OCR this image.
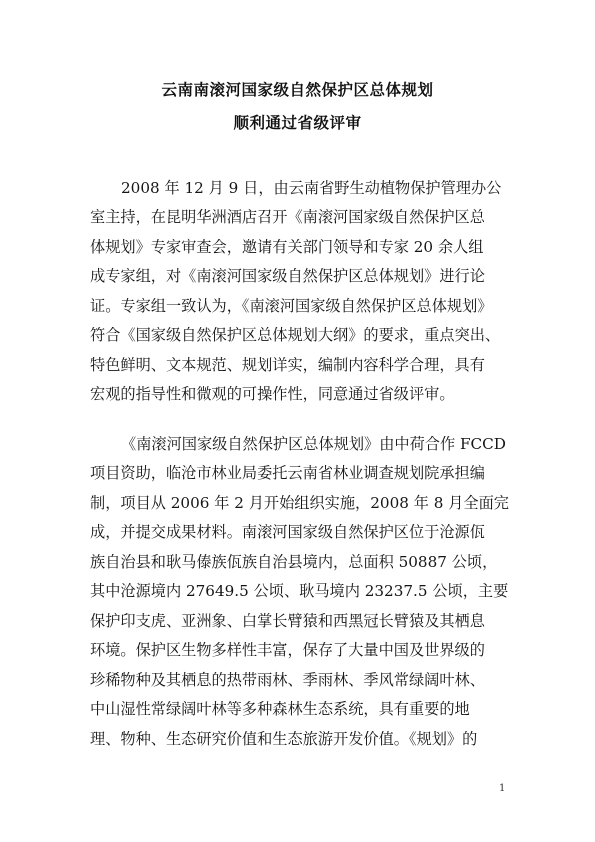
云南南滚河国家级自然保护区总体规划
顺利通过省级评审
2008 年 12 月 9 日，由云南省野生动植物保护管理办公
室主持，在昆明华洲酒店召开《南滚河国家级自然保护区总
体规划》专家审查会，邀请有关部门领导和专家 20 余人组
成专家组，对《南滚河国家级自然保护区总体规划》进行论
证。专家组一致认为，《南滚河国家级自然保护区总体规划》
符合《国家级自然保护区总体规划大纲》的要求，重点突出、
特色鲜明、文本规范、规划详实，编制内容科学合理，具有
宏观的指导性和微观的可操作性，同意通过省级评审。
《南滚河国家级自然保护区总体规划》由中荷合作 FCCD
项目资助，临沧市林业局委托云南省林业调查规划院承担编
制，项目从 2006 年 2 月开始组织实施，2008 年 8 月全面完
成，并提交成果材料。南滚河国家级自然保护区位于沧源佤
族自治县和耿马傣族佤族自治县境内，总面积 50887 公顷，
其中沧源境内 27649.5 公顷、耿马境内 23237.5 公顷，主要
保护印支虎、亚洲象、白掌长臂猿和西黑冠长臂猿及其栖息
环境。保护区生物多样性丰富，保存了大量中国及世界级的
珍稀物种及其栖息的热带雨林、季雨林、季风常绿阔叶林、
中山湿性常绿阔叶林等多种森林生态系统，具有重要的地
理、物种、生态研究价值和生态旅游开发价值。《规划》的
1
